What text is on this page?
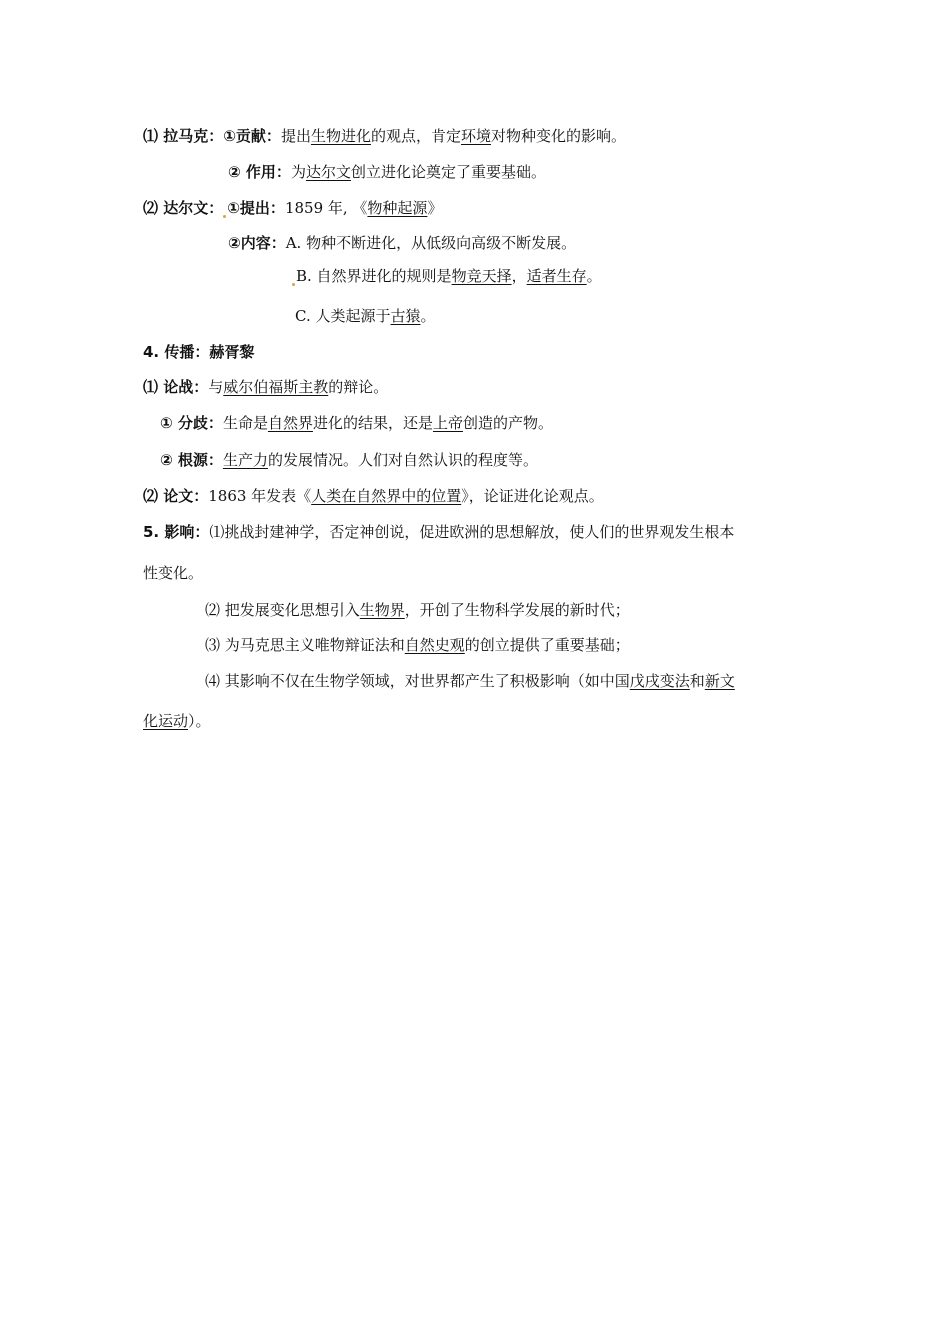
⑴ 拉马克：①贡献：提出生物进化的观点，肯定环境对物种变化的影响。
② 作用：为达尔文创立进化论奠定了重要基础。
⑵ 达尔文： ①提出：1859 年, 《物种起源》
②内容：A. 物种不断进化，从低级向高级不断发展。
B. 自然界进化的规则是物竞天择，适者生存。
C. 人类起源于古猿。
4. 传播：赫胥黎
⑴ 论战：与威尔伯福斯主教的辩论。
① 分歧：生命是自然界进化的结果，还是上帝创造的产物。
② 根源：生产力的发展情况。人们对自然认识的程度等。
⑵ 论文：1863 年发表《人类在自然界中的位置》，论证进化论观点。
5. 影响：⑴挑战封建神学，否定神创说，促进欧洲的思想解放，使人们的世界观发生根本
性变化。
⑵ 把发展变化思想引入生物界，开创了生物科学发展的新时代；
⑶ 为马克思主义唯物辩证法和自然史观的创立提供了重要基础；
⑷ 其影响不仅在生物学领域，对世界都产生了积极影响（如中国戊戌变法和新文
化运动）。
